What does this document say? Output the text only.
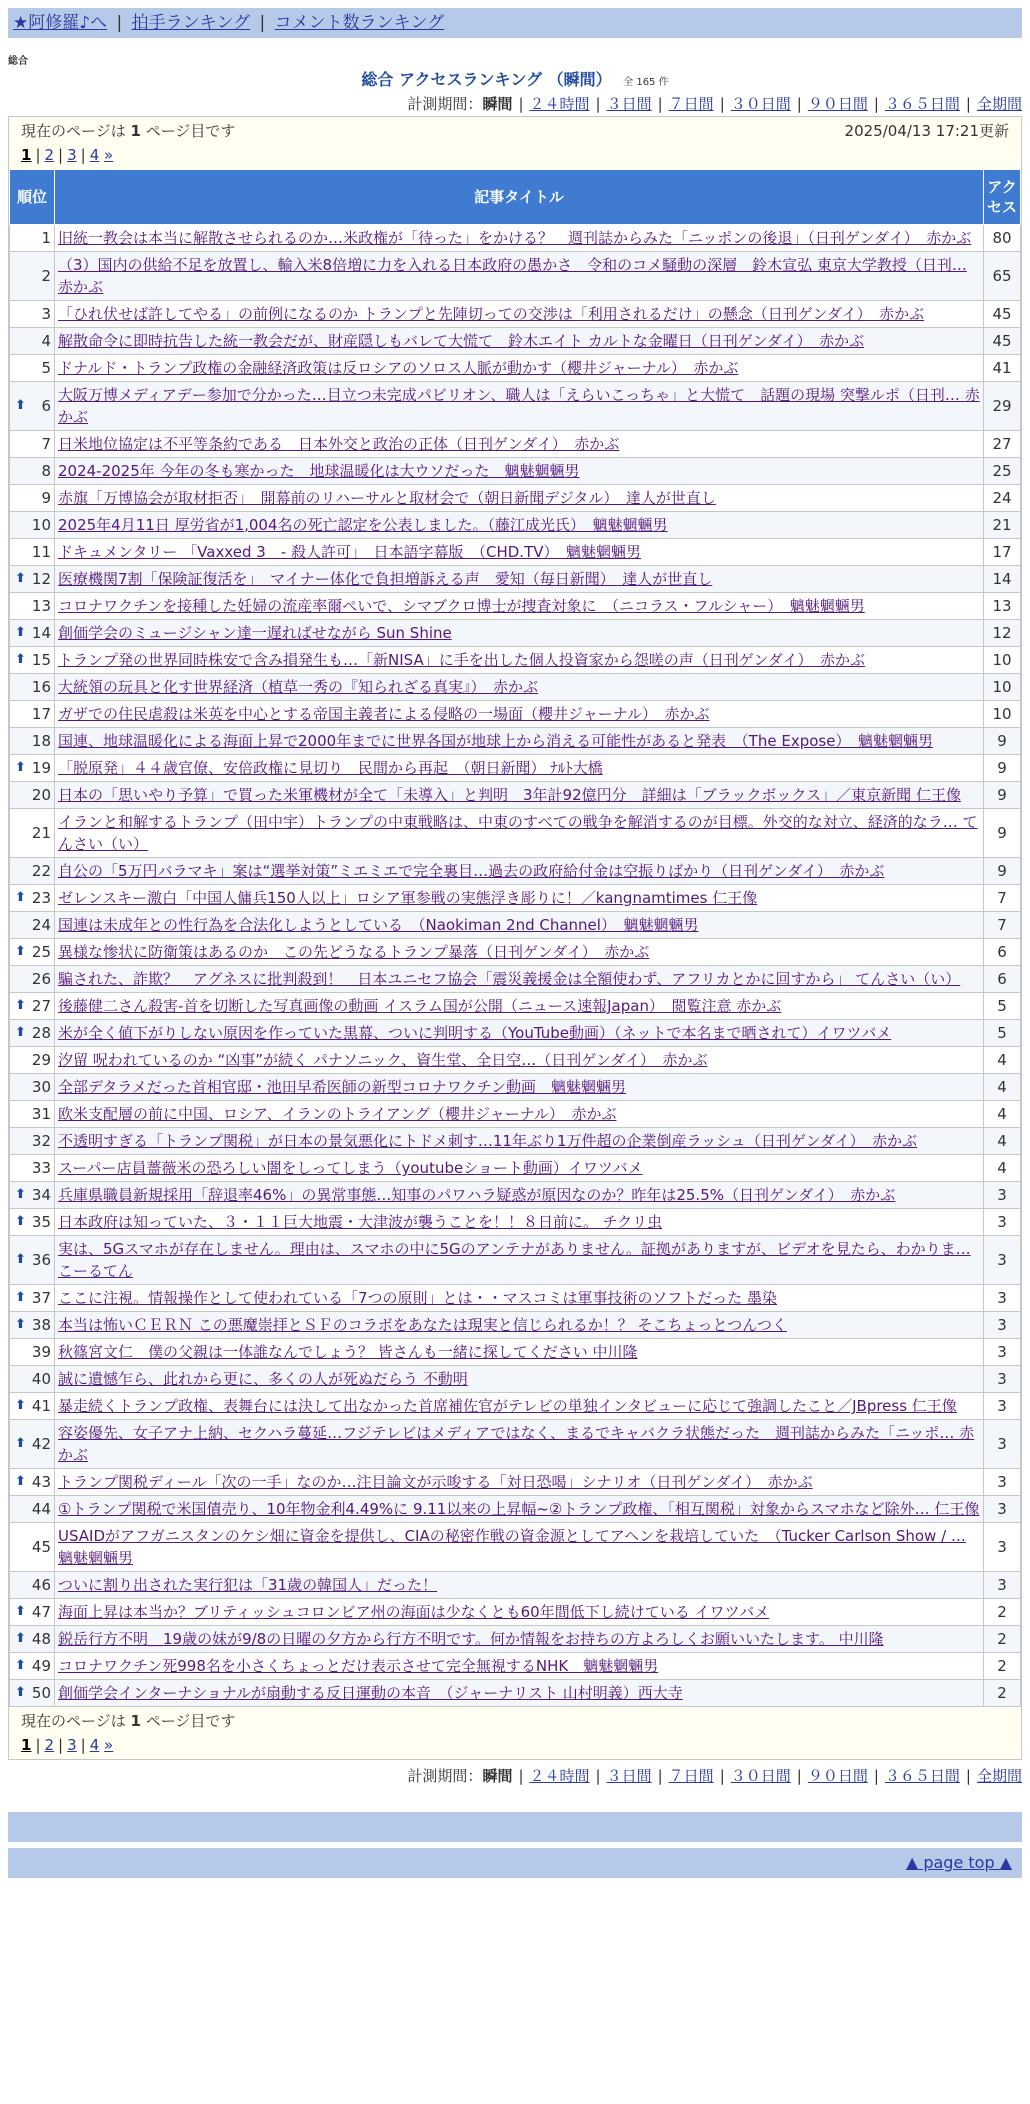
★阿修羅♪へ | 拍手ランキング | コメント数ランキング
総合
総合 アクセスランキング （瞬間） 全 165 件
計測期間：瞬間 | ２４時間 | ３日間 | ７日間 | ３０日間 | ９０日間 | ３６５日間 | 全期間
現在のページは 1 ページ目です	2025/04/13 17:21更新
1 | 2 | 3 | 4 »
順位	記事タイトル	アクセス
1	旧統一教会は本当に解散させられるのか…米政権が「待った」をかける？　週刊誌からみた「ニッポンの後退」（日刊ゲンダイ）　赤かぶ	80
2	（3）国内の供給不足を放置し、輸入米8倍増に力を入れる日本政府の愚かさ　令和のコメ騒動の深層　鈴木宣弘 東京大学教授（日刊… 赤かぶ	65
3	「ひれ伏せば許してやる」の前例になるのか トランプと先陣切っての交渉は「利用されるだけ」の懸念（日刊ゲンダイ）　赤かぶ	45
4	解散命令に即時抗告した統一教会だが、財産隠しもバレて大慌て　鈴木エイト カルトな金曜日（日刊ゲンダイ）　赤かぶ	45
5	ドナルド・トランプ政権の金融経済政策は反ロシアのソロス人脈が動かす（櫻井ジャーナル）　赤かぶ	41

⬆ 6	大阪万博メディアデー参加で分かった…目立つ未完成パビリオン、職人は「えらいこっちゃ」と大慌て　話題の現場 突撃ルポ（日刊… 赤かぶ	29
7	日米地位協定は不平等条約である　日本外交と政治の正体（日刊ゲンダイ）　赤かぶ	27
8	2024-2025年 今年の冬も寒かった　地球温暖化は大ウソだった　魑魅魍魎男	25
9	赤旗「万博協会が取材拒否」　開幕前のリハーサルと取材会で（朝日新聞デジタル）　達人が世直し	24
10	2025年4月11日 厚労省が1,004名の死亡認定を公表しました。（藤江成光氏）　魑魅魍魎男	21
11	ドキュメンタリー 「Vaxxed 3　- 殺人許可」　日本語字幕版　（CHD.TV）　魑魅魍魎男	17

⬆ 12	医療機関7割「保険証復活を」　マイナー体化で負担増訴える声　愛知（毎日新聞）　達人が世直し	14
13	コロナワクチンを接種した妊婦の流産率爾ぺいで、シマブクロ博士が捜査対象に　（ニコラス・フルシャー）　魑魅魍魎男	13

⬆ 14	創価学会のミュージシャン達一遅ればせながら Sun Shine	12

⬆ 15	トランプ発の世界同時株安で含み損発生も…「新NISA」に手を出した個人投資家から怨嗟の声（日刊ゲンダイ）　赤かぶ	10
16	大統領の玩具と化す世界経済（植草一秀の『知られざる真実』）　赤かぶ	10
17	ガザでの住民虐殺は米英を中心とする帝国主義者による侵略の一場面（櫻井ジャーナル）　赤かぶ	10
18	国連、地球温暖化による海面上昇で2000年までに世界各国が地球上から消える可能性があると発表　（The Expose）　魑魅魍魎男	9

⬆ 19	「脱原発」４４歳官僚、安倍政権に見切り　民間から再起　（朝日新聞） ﾅﾙﾄ大橋	9
20	日本の「思いやり予算」で買った米軍機材が全て「未導入」と判明　3年計92億円分　詳細は「ブラックボックス」／東京新聞 仁王像	9
21	イランと和解するトランプ（田中宇）トランプの中東戦略は、中東のすべての戦争を解消するのが目標。外交的な対立、経済的なラ… てんさい（い）	9
22	自公の「5万円バラマキ」案は“選挙対策”ミエミエで完全裏目…過去の政府給付金は空振りばかり（日刊ゲンダイ）　赤かぶ	9

⬆ 23	ゼレンスキー激白「中国人傭兵150人以上」ロシア軍参戦の実態浮き彫りに！／kangnamtimes 仁王像	7
24	国連は未成年との性行為を合法化しようとしている　（Naokiman 2nd Channel）　魑魅魍魎男	7

⬆ 25	異様な惨状に防衛策はあるのか　この先どうなるトランプ暴落（日刊ゲンダイ）　赤かぶ	6
26	騙された、詐欺？　アグネスに批判殺到！　日本ユニセフ協会「震災義援金は全額使わず、アフリカとかに回すから」 てんさい（い）	6

⬆ 27	後藤健二さん殺害-首を切断した写真画像の動画 イスラム国が公開（ニュース速報Japan）　閲覧注意 赤かぶ	5

⬆ 28	米が全く値下がりしない原因を作っていた黒幕、ついに判明する（YouTube動画）（ネットで本名まで晒されて）イワツバメ	5
29	汐留 呪われているのか “凶事”が続く パナソニック、資生堂、全日空…（日刊ゲンダイ）　赤かぶ	4
30	全部デタラメだった首相官邸・池田早希医師の新型コロナワクチン動画　魑魅魍魎男	4
31	欧米支配層の前に中国、ロシア、イランのトライアング（櫻井ジャーナル）　赤かぶ	4
32	不透明すぎる「トランプ関税」が日本の景気悪化にトドメ刺す…11年ぶり1万件超の企業倒産ラッシュ（日刊ゲンダイ）　赤かぶ	4
33	スーパー店員薔薇米の恐ろしい闇をしってしまう（youtubeショート動画）イワツバメ	4

⬆ 34	兵庫県職員新規採用「辞退率46%」の異常事態…知事のパワハラ疑惑が原因なのか？昨年は25.5%（日刊ゲンダイ）　赤かぶ	3

⬆ 35	日本政府は知っていた、３・１１巨大地震・大津波が襲うことを！！８日前に。 チクリ虫	3

⬆ 36	実は、5Gスマホが存在しません。理由は、スマホの中に5Gのアンテナがありません。証拠がありますが、ビデオを見たら、わかりま… こーるてん	3

⬆ 37	ここに注視。情報操作として使われている「7つの原則」とは・・マスコミは軍事技術のソフトだった 墨染	3

⬆ 38	本当は怖いＣＥＲＮ この悪魔崇拝とＳＦのコラボをあなたは現実と信じられるか！？ そこちょっとつんつく	3
39	秋篠宮文仁　僕の父親は一体誰なんでしょう？ 皆さんも一緒に探してください 中川隆	3
40	誠に遺憾乍ら、此れから更に、多くの人が死ぬだらう 不動明	3

⬆ 41	暴走続くトランプ政権、表舞台には決して出なかった首席補佐官がテレビの単独インタビューに応じて強調したこと／JBpress 仁王像	3

⬆ 42	容姿優先、女子アナ上納、セクハラ蔓延…フジテレビはメディアではなく、まるでキャバクラ状態だった　週刊誌からみた「ニッポ… 赤かぶ	3

⬆ 43	トランプ関税ディール「次の一手」なのか…注目論文が示唆する「対日恐喝」シナリオ（日刊ゲンダイ）　赤かぶ	3
44	①トランプ関税で米国債売り、10年物金利4.49%に 9.11以来の上昇幅~②トランプ政権、「相互関税」対象からスマホなど除外… 仁王像	3
45	USAIDがアフガニスタンのケシ畑に資金を提供し、CIAの秘密作戦の資金源としてアヘンを栽培していた　（Tucker Carlson Show / … 魑魅魍魎男	3
46	ついに割り出された実行犯は「31歳の韓国人」だった！	3

⬆ 47	海面上昇は本当か？ブリティッシュコロンビア州の海面は少なくとも60年間低下し続けている イワツバメ	2

⬆ 48	鋭岳行方不明＿19歳の妹が9/8の日曜の夕方から行方不明です。何か情報をお持ちの方よろしくお願いいたします。 中川隆	2

⬆ 49	コロナワクチン死998名を小さくちょっとだけ表示させて完全無視するNHK　魑魅魍魎男	2

⬆ 50	創価学会インターナショナルが扇動する反日運動の本音　（ジャーナリスト 山村明義）西大寺	2
現在のページは 1 ページ目です
1 | 2 | 3 | 4 »
計測期間：瞬間 | ２４時間 | ３日間 | ７日間 | ３０日間 | ９０日間 | ３６５日間 | 全期間
▲ page top ▲
